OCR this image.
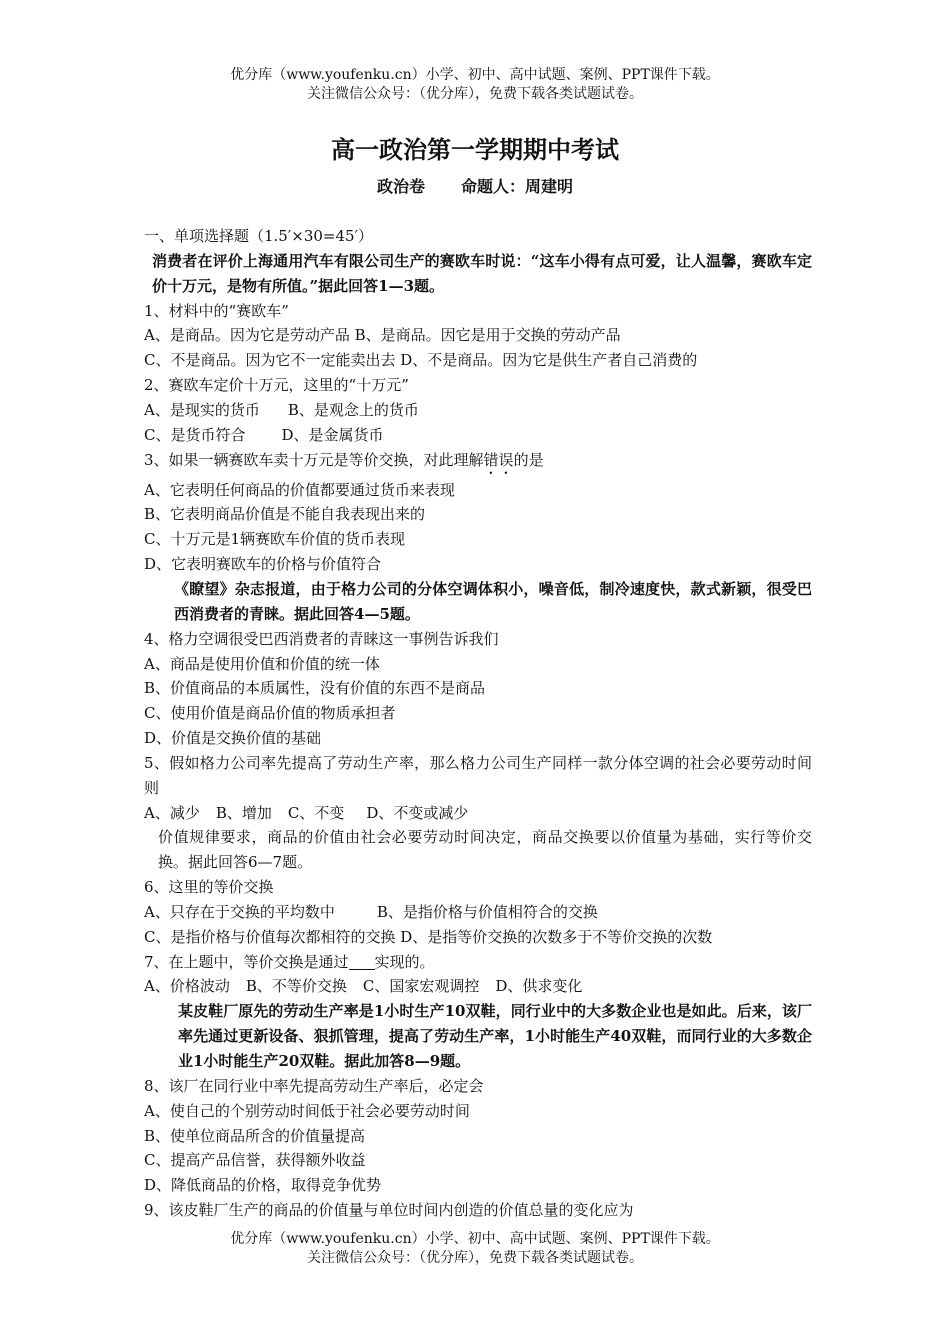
优分库（www.youfenku.cn）小学、初中、高中试题、案例、PPT课件下载。
关注微信公众号：（优分库），免费下载各类试题试卷。
高一政治第一学期期中考试
政治卷 命题人：周建明
一、单项选择题（1.5′×30=45′）
消费者在评价上海通用汽车有限公司生产的赛欧车时说：“这车小得有点可爱，让人温馨，赛欧车定价十万元，是物有所值。”据此回答1—3题。
1、材料中的“赛欧车”
A、是商品。因为它是劳动产品 B、是商品。因它是用于交换的劳动产品
C、不是商品。因为它不一定能卖出去 D、不是商品。因为它是供生产者自己消费的
2、赛欧车定价十万元，这里的“十万元”
A、是现实的货币 B、是观念上的货币
C、是货币符合 D、是金属货币
3、如果一辆赛欧车卖十万元是等价交换，对此理解错误的是
A、它表明任何商品的价值都要通过货币来表现
B、它表明商品价值是不能自我表现出来的
C、十万元是1辆赛欧车价值的货币表现
D、它表明赛欧车的价格与价值符合
《瞭望》杂志报道，由于格力公司的分体空调体积小，噪音低，制冷速度快，款式新颖，很受巴西消费者的青睐。据此回答4—5题。
4、格力空调很受巴西消费者的青睐这一事例告诉我们
A、商品是使用价值和价值的统一体
B、价值商品的本质属性，没有价值的东西不是商品
C、使用价值是商品价值的物质承担者
D、价值是交换价值的基础
5、假如格力公司率先提高了劳动生产率，那么格力公司生产同样一款分体空调的社会必要劳动时间则
A、减少 B、增加 C、不变 D、不变或减少
价值规律要求，商品的价值由社会必要劳动时间决定，商品交换要以价值量为基础，实行等价交换。据此回答6—7题。
6、这里的等价交换
A、只存在于交换的平均数中	B、是指价格与价值相符合的交换
C、是指价格与价值每次都相符的交换 D、是指等价交换的次数多于不等价交换的次数
7、在上题中，等价交换是通过 实现的。
A、价格波动 B、不等价交换 C、国家宏观调控 D、供求变化
某皮鞋厂原先的劳动生产率是1小时生产10双鞋，同行业中的大多数企业也是如此。后来，该厂率先通过更新设备、狠抓管理，提高了劳动生产率，1小时能生产40双鞋，而同行业的大多数企业1小时能生产20双鞋。据此加答8—9题。
8、该厂在同行业中率先提高劳动生产率后，必定会
A、使自己的个别劳动时间低于社会必要劳动时间
B、使单位商品所含的价值量提高
C、提高产品信誉，获得额外收益
D、降低商品的价格，取得竞争优势
9、该皮鞋厂生产的商品的价值量与单位时间内创造的价值总量的变化应为
优分库（www.youfenku.cn）小学、初中、高中试题、案例、PPT课件下载。
关注微信公众号：（优分库），免费下载各类试题试卷。
